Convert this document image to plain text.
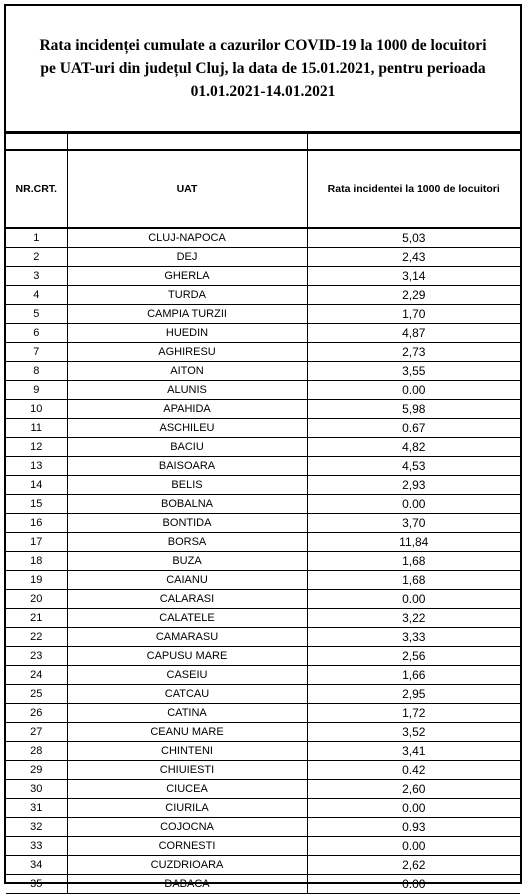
Rata incidenței cumulate a cazurilor COVID-19 la 1000 de locuitori
pe UAT-uri din județul Cluj, la data de 15.01.2021, pentru perioada
01.01.2021-14.01.2021

NR.CRT.	UAT	Rata incidentei la 1000 de locuitori
1	CLUJ-NAPOCA	5,03
2	DEJ	2,43
3	GHERLA	3,14
4	TURDA	2,29
5	CAMPIA TURZII	1,70
6	HUEDIN	4,87
7	AGHIRESU	2,73
8	AITON	3,55
9	ALUNIS	0.00
10	APAHIDA	5,98
11	ASCHILEU	0.67
12	BACIU	4,82
13	BAISOARA	4,53
14	BELIS	2,93
15	BOBALNA	0.00
16	BONTIDA	3,70
17	BORSA	11,84
18	BUZA	1,68
19	CAIANU	1,68
20	CALARASI	0.00
21	CALATELE	3,22
22	CAMARASU	3,33
23	CAPUSU MARE	2,56
24	CASEIU	1,66
25	CATCAU	2,95
26	CATINA	1,72
27	CEANU MARE	3,52
28	CHINTENI	3,41
29	CHIUIESTI	0.42
30	CIUCEA	2,60
31	CIURILA	0.00
32	COJOCNA	0.93
33	CORNESTI	0.00
34	CUZDRIOARA	2,62
35	DABACA	0.00
